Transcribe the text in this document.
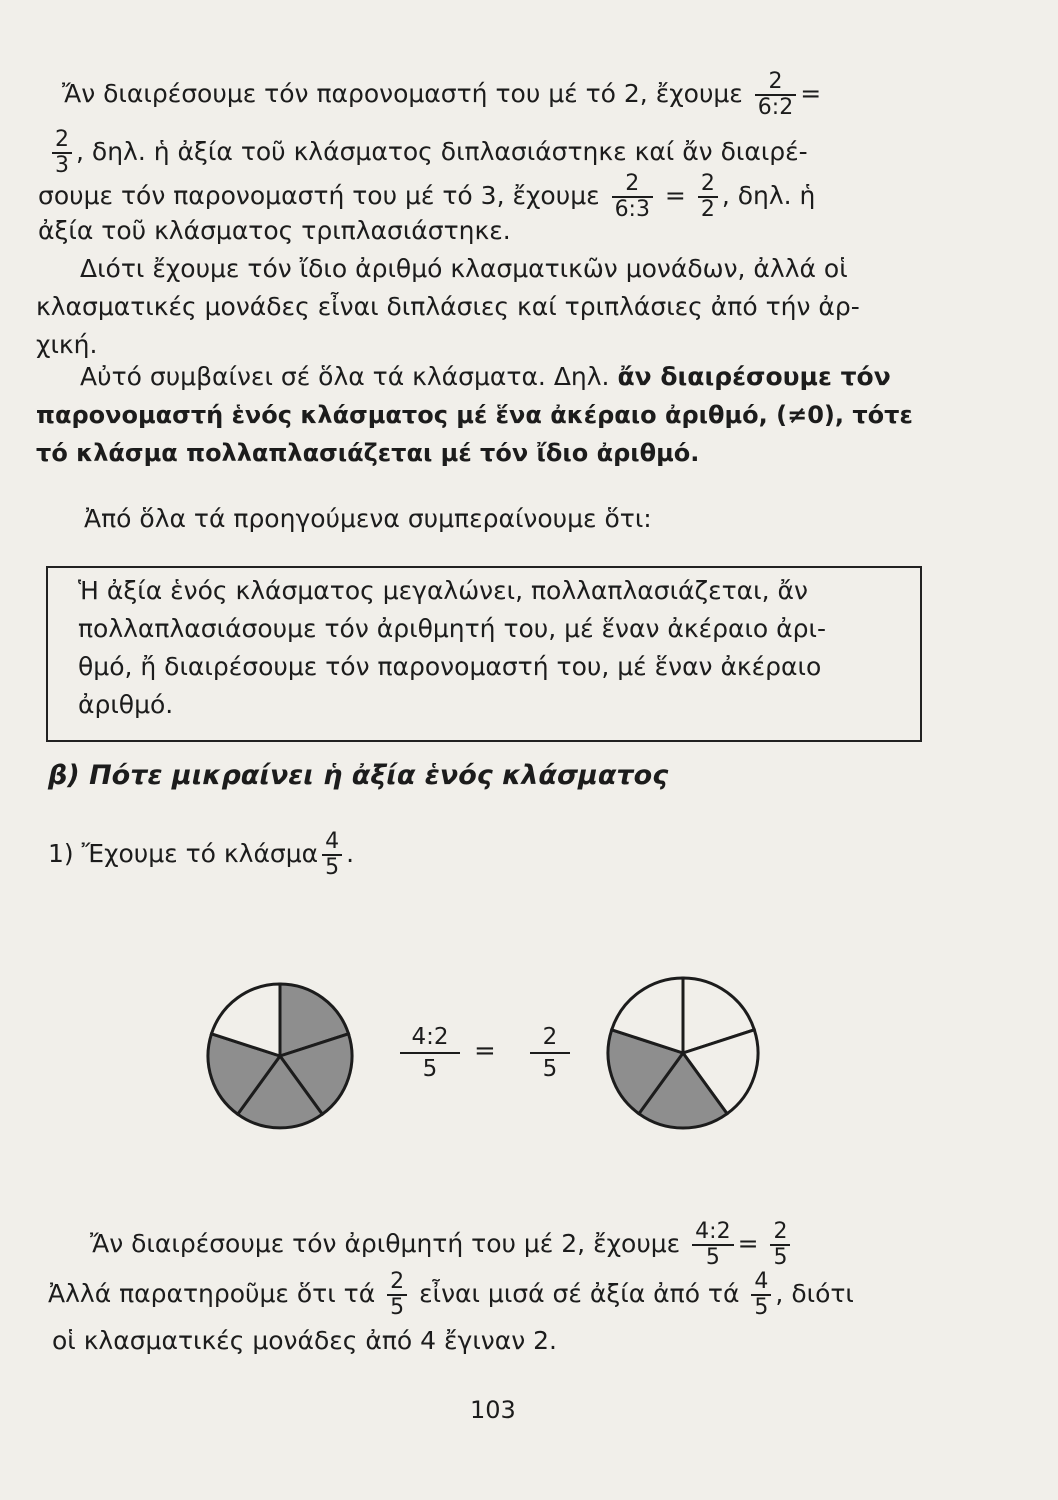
Ἄν διαιρέσουμε τόν παρονομαστή του μέ τό 2, ἔχουμε $\frac{2}{6:2}$ =
$\frac{2}{3}$ , δηλ. ἡ ἀξία τοῦ κλάσματος διπλασιάστηκε καί ἄν διαιρέ-
σουμε τόν παρονομαστή του μέ τό 3, ἔχουμε $\frac{2}{6:3} = \frac{2}{2}$ , δηλ. ἡ
ἀξία τοῦ κλάσματος τριπλασιάστηκε.
Διότι ἔχουμε τόν ἴδιο ἀριθμό κλασματικῶν μονάδων, ἀλλά οἱ
κλασματικές μονάδες εἶναι διπλάσιες καί τριπλάσιες ἀπό τήν ἀρ-
χική.
Αὐτό συμβαίνει σέ ὅλα τά κλάσματα. Δηλ. ἄν διαιρέσουμε τόν
παρονομαστή ἑνός κλάσματος μέ ἕνα ἀκέραιο ἀριθμό, (≠0), τότε
τό κλάσμα πολλαπλασιάζεται μέ τόν ἴδιο ἀριθμό.
Ἀπό ὅλα τά προηγούμενα συμπεραίνουμε ὅτι:
Ἡ ἀξία ἑνός κλάσματος μεγαλώνει, πολλαπλασιάζεται, ἄν
πολλαπλασιάσουμε τόν ἀριθμητή του, μέ ἕναν ἀκέραιο ἀρι-
θμό, ἤ διαιρέσουμε τόν παρονομαστή του, μέ ἕναν ἀκέραιο
ἀριθμό.
β) Πότε μικραίνει ἡ ἀξία ἑνός κλάσματος
1) Ἔχουμε τό κλάσμα $\frac{4}{5}$ .
4:2
5
=	2
5
Ἄν διαιρέσουμε τόν ἀριθμητή του μέ 2, ἔχουμε $\frac{4:2}{5} = \frac{2}{5}$
Ἀλλά παρατηροῦμε ὅτι τά $\frac{2}{5}$ εἶναι μισά σέ ἀξία ἀπό τά $\frac{4}{5}$ , διότι
οἱ κλασματικές μονάδες ἀπό 4 ἔγιναν 2.
103
